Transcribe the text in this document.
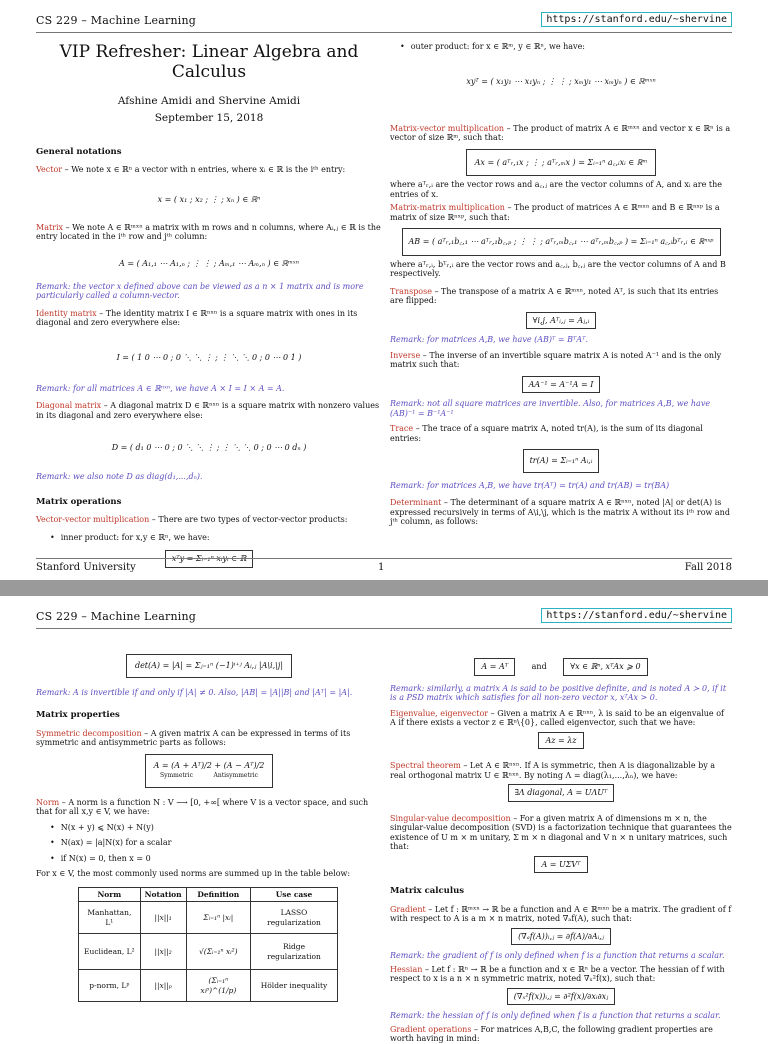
CS 229 – Machine Learning	https://stanford.edu/~shervine
VIP Refresher: Linear Algebra and Calculus
Afshine Amidi and Shervine Amidi
September 15, 2018
General notations
Vector – We note x ∈ ℝⁿ a vector with n entries, where xᵢ ∈ ℝ is the iᵗʰ entry:
x = ( x₁ ; x₂ ; ⋮ ; xₙ ) ∈ ℝⁿ
Matrix – We note A ∈ ℝᵐˣⁿ a matrix with m rows and n columns, where Aᵢ,ⱼ ∈ ℝ is the entry located in the iᵗʰ row and jᵗʰ column:
A = ( A₁,₁ ⋯ A₁,ₙ ; ⋮ ⋮ ; Aₘ,₁ ⋯ Aₘ,ₙ ) ∈ ℝᵐˣⁿ
Remark: the vector x defined above can be viewed as a n × 1 matrix and is more particularly called a column-vector.
Identity matrix – The identity matrix I ∈ ℝⁿˣⁿ is a square matrix with ones in its diagonal and zero everywhere else:
I = ( 1 0 ⋯ 0 ; 0 ⋱ ⋱ ⋮ ; ⋮ ⋱ ⋱ 0 ; 0 ⋯ 0 1 )
Remark: for all matrices A ∈ ℝⁿˣⁿ, we have A × I = I × A = A.
Diagonal matrix – A diagonal matrix D ∈ ℝⁿˣⁿ is a square matrix with nonzero values in its diagonal and zero everywhere else:
D = ( d₁ 0 ⋯ 0 ; 0 ⋱ ⋱ ⋮ ; ⋮ ⋱ ⋱ 0 ; 0 ⋯ 0 dₙ )
Remark: we also note D as diag(d₁,...,dₙ).
Matrix operations
Vector-vector multiplication – There are two types of vector-vector products:
• inner product: for x,y ∈ ℝⁿ, we have:
• outer product: for x ∈ ℝᵐ, y ∈ ℝⁿ, we have:
xyᵀ = ( x₁y₁ ⋯ x₁yₙ ; ⋮ ⋮ ; xₘy₁ ⋯ xₘyₙ ) ∈ ℝᵐˣⁿ
Matrix-vector multiplication – The product of matrix A ∈ ℝᵐˣⁿ and vector x ∈ ℝⁿ is a vector of size ℝᵐ, such that:
Ax = ( aᵀᵣ,₁x ; ⋮ ; aᵀᵣ,ₘx ) = Σᵢ₌₁ⁿ a꜀,ᵢxᵢ ∈ ℝᵐ
where aᵀᵣ,ᵢ are the vector rows and a꜀,ⱼ are the vector columns of A, and xᵢ are the entries of x.
Matrix-matrix multiplication – The product of matrices A ∈ ℝᵐˣⁿ and B ∈ ℝⁿˣᵖ is a matrix of size ℝⁿˣᵖ, such that:
AB = ( aᵀᵣ,₁b꜀,₁ ⋯ aᵀᵣ,₁b꜀,ₚ ; ⋮ ⋮ ; aᵀᵣ,ₘb꜀,₁ ⋯ aᵀᵣ,ₘb꜀,ₚ ) = Σᵢ₌₁ⁿ a꜀,ᵢbᵀᵣ,ᵢ ∈ ℝⁿˣᵖ
where aᵀᵣ,ᵢ, bᵀᵣ,ᵢ are the vector rows and a꜀,ⱼ, b꜀,ⱼ are the vector columns of A and B respectively.
Transpose – The transpose of a matrix A ∈ ℝᵐˣⁿ, noted Aᵀ, is such that its entries are flipped:
∀i,j, Aᵀᵢ,ⱼ = Aⱼ,ᵢ
Remark: for matrices A,B, we have (AB)ᵀ = BᵀAᵀ.
Inverse – The inverse of an invertible square matrix A is noted A⁻¹ and is the only matrix such that:
AA⁻¹ = A⁻¹A = I
Remark: not all square matrices are invertible. Also, for matrices A,B, we have (AB)⁻¹ = B⁻¹A⁻¹
Trace – The trace of a square matrix A, noted tr(A), is the sum of its diagonal entries:
tr(A) = Σᵢ₌₁ⁿ Aᵢ,ᵢ
Remark: for matrices A,B, we have tr(Aᵀ) = tr(A) and tr(AB) = tr(BA)
Determinant – The determinant of a square matrix A ∈ ℝⁿˣⁿ, noted |A| or det(A) is expressed recursively in terms of A\i,\j, which is the matrix A without its iᵗʰ row and jᵗʰ column, as follows:
Stanford University	1	Fall 2018
CS 229 – Machine Learning	https://stanford.edu/~shervine
det(A) = |A| = Σⱼ₌₁ⁿ (−1)ⁱ⁺ʲ Aᵢ,ⱼ |A\i,\j|
Remark: A is invertible if and only if |A| ≠ 0. Also, |AB| = |A||B| and |Aᵀ| = |A|.
Matrix properties
Symmetric decomposition – A given matrix A can be expressed in terms of its symmetric and antisymmetric parts as follows:
A = (A + Aᵀ)/2 + (A − Aᵀ)/2
Symmetric	Antisymmetric
Norm – A norm is a function N : V ⟶ [0, +∞[ where V is a vector space, and such that for all x,y ∈ V, we have:
• N(x + y) ⩽ N(x) + N(y)
• N(ax) = |a|N(x) for a scalar
• if N(x) = 0, then x = 0
For x ∈ V, the most commonly used norms are summed up in the table below:
Norm	Notation	Definition	Use case
Manhattan, L¹	||x||₁	Σᵢ₌₁ⁿ |xᵢ|	LASSO regularization
Euclidean, L²	||x||₂	√(Σᵢ₌₁ⁿ xᵢ²)	Ridge regularization
p-norm, Lᵖ	||x||ₚ	(Σᵢ₌₁ⁿ xᵢᵖ)^(1/p)	Hölder inequality
A = Aᵀ	and	∀x ∈ ℝⁿ, xᵀAx ⩾ 0
Remark: similarly, a matrix A is said to be positive definite, and is noted A ≻ 0, if it is a PSD matrix which satisfies for all non-zero vector x, xᵀAx > 0.
Eigenvalue, eigenvector – Given a matrix A ∈ ℝⁿˣⁿ, λ is said to be an eigenvalue of A if there exists a vector z ∈ ℝⁿ\{0}, called eigenvector, such that we have:
Az = λz
Spectral theorem – Let A ∈ ℝⁿˣⁿ. If A is symmetric, then A is diagonalizable by a real orthogonal matrix U ∈ ℝⁿˣⁿ. By noting Λ = diag(λ₁,...,λₙ), we have:
∃Λ diagonal, A = UΛUᵀ
Singular-value decomposition – For a given matrix A of dimensions m × n, the singular-value decomposition (SVD) is a factorization technique that guarantees the existence of U m × m unitary, Σ m × n diagonal and V n × n unitary matrices, such that:
A = UΣVᵀ
Matrix calculus
Gradient – Let f : ℝᵐˣⁿ → ℝ be a function and A ∈ ℝᵐˣⁿ be a matrix. The gradient of f with respect to A is a m × n matrix, noted ∇ₐf(A), such that:
(∇ₐf(A))ᵢ,ⱼ = ∂f(A)/∂Aᵢ,ⱼ
Remark: the gradient of f is only defined when f is a function that returns a scalar.
Hessian – Let f : ℝⁿ → ℝ be a function and x ∈ ℝⁿ be a vector. The hessian of f with respect to x is a n × n symmetric matrix, noted ∇ₓ²f(x), such that:
(∇ₓ²f(x))ᵢ,ⱼ = ∂²f(x)/∂xᵢ∂xⱼ
Remark: the hessian of f is only defined when f is a function that returns a scalar.
Gradient operations – For matrices A,B,C, the following gradient properties are worth having in mind:
